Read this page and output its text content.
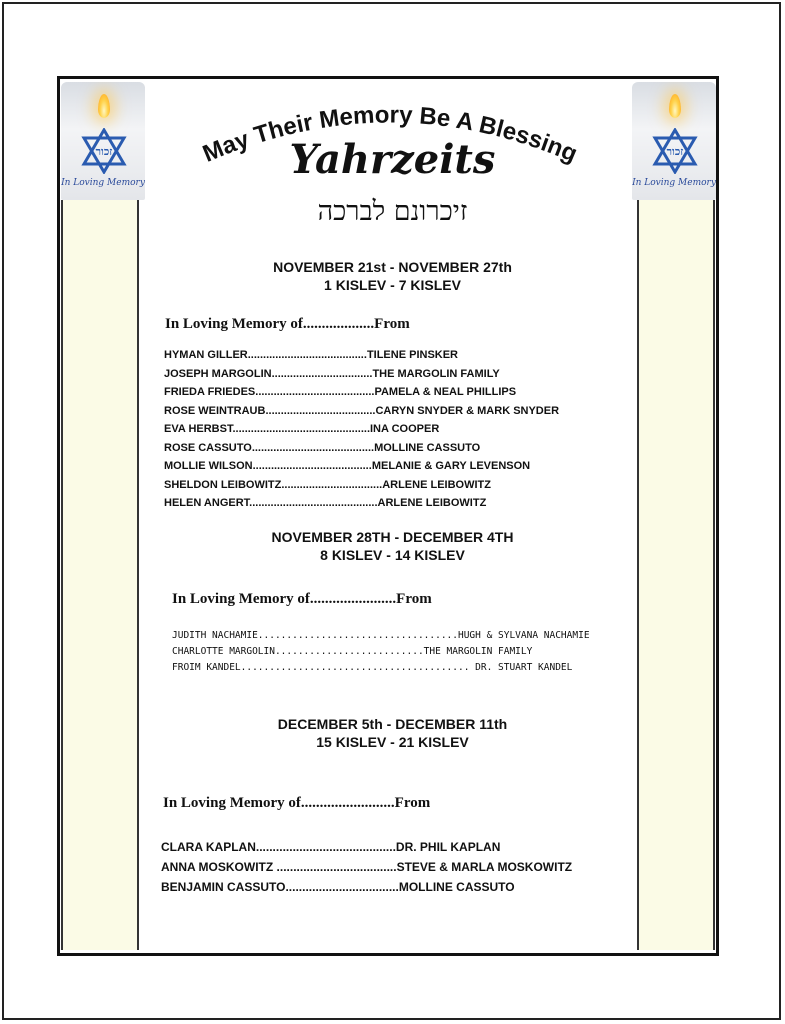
זכור
In Loving Memory
זכור
In Loving Memory
May Their Memory Be A Blessing
Yahrzeits
זיכרונם לברכה
NOVEMBER 21st - NOVEMBER 27th
1 KISLEV - 7 KISLEV
In Loving Memory of...................From
HYMAN GILLER.......................................TILENE PINSKER
JOSEPH MARGOLIN.................................THE MARGOLIN FAMILY
FRIEDA FRIEDES.......................................PAMELA & NEAL PHILLIPS
ROSE WEINTRAUB....................................CARYN SNYDER & MARK SNYDER
EVA HERBST.............................................INA COOPER
ROSE CASSUTO........................................MOLLINE CASSUTO
MOLLIE WILSON.......................................MELANIE & GARY LEVENSON
SHELDON LEIBOWITZ.................................ARLENE LEIBOWITZ
HELEN ANGERT..........................................ARLENE LEIBOWITZ
NOVEMBER 28TH - DECEMBER 4TH
8 KISLEV - 14 KISLEV
In Loving Memory of.......................From
JUDITH NACHAMIE...................................HUGH & SYLVANA NACHAMIE
CHARLOTTE MARGOLIN..........................THE MARGOLIN FAMILY
FROIM KANDEL........................................ DR. STUART KANDEL
DECEMBER 5th - DECEMBER 11th
15 KISLEV - 21 KISLEV
In Loving Memory of.........................From
CLARA KAPLAN..........................................DR. PHIL KAPLAN
ANNA MOSKOWITZ ....................................STEVE & MARLA MOSKOWITZ
BENJAMIN CASSUTO..................................MOLLINE CASSUTO
